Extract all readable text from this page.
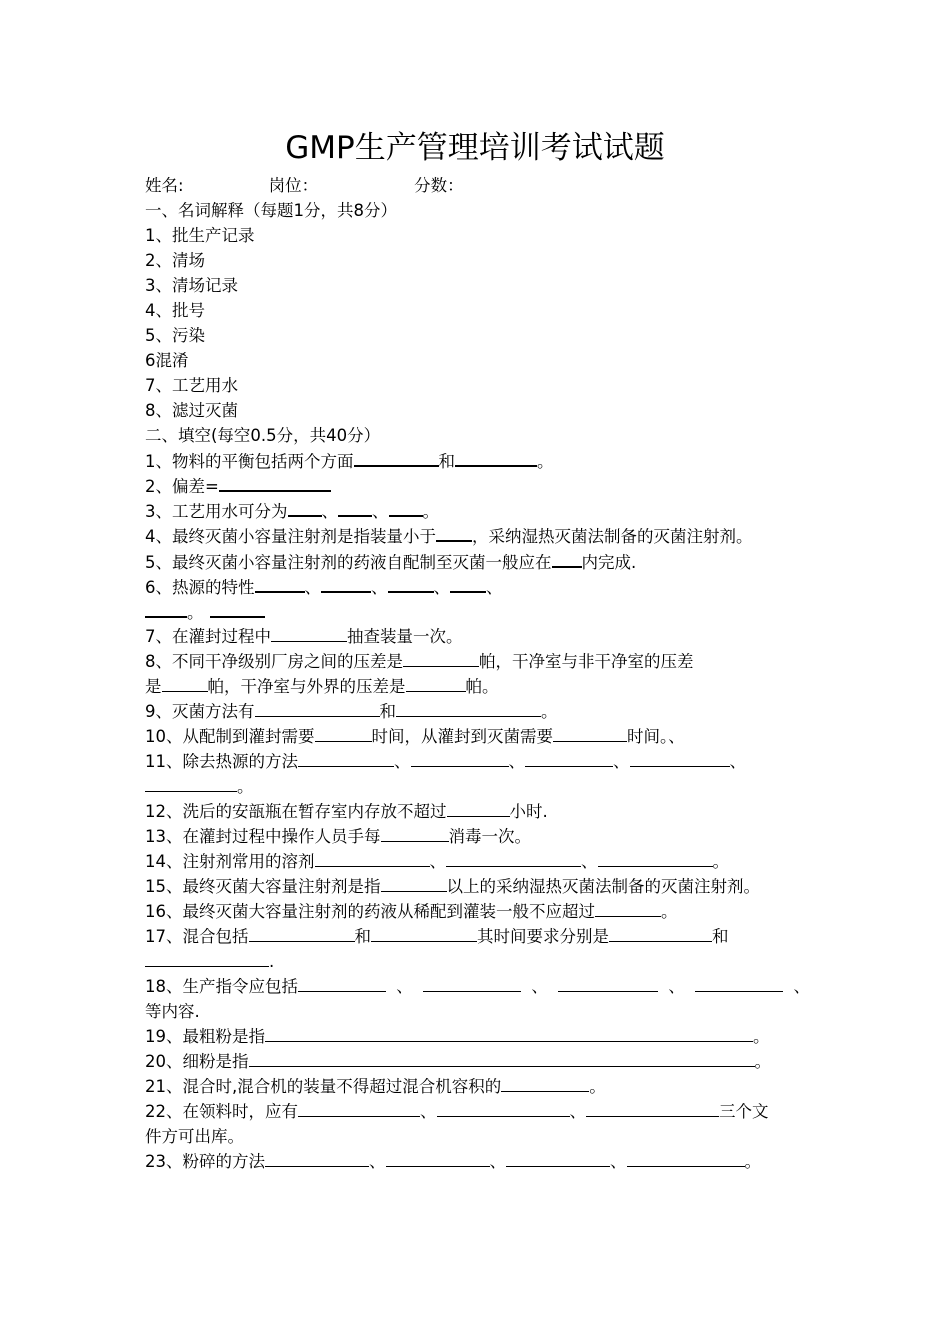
GMP生产管理培训考试试题
姓名:	岗位：	分数：
一、名词解释（每题1分，共8分）
1、批生产记录
2、清场
3、清场记录
4、批号
5、污染
6混淆
7、工艺用水
8、滤过灭菌
二、填空(每空0.5分，共40分）
1、物料的平衡包括两个方面	和	。
2、偏差=
3、工艺用水可分为 、 、 。
4、最终灭菌小容量注射剂是指装量小于 ，采纳湿热灭菌法制备的灭菌注射剂。
5、最终灭菌小容量注射剂的药液自配制至灭菌一般应在 内完成.
6、热源的特性	、	、	、 、
。
7、在灌封过程中	抽查装量一次。
8、不同干净级别厂房之间的压差是	帕，干净室与非干净室的压差
是	帕，干净室与外界的压差是	帕。
9、灭菌方法有	和	。
10、从配制到灌封需要	时间，从灌封到灭菌需要	时间。、
11、除去热源的方法	、	、	、	、
。
12、洗后的安瓿瓶在暂存室内存放不超过	小时.
13、在灌封过程中操作人员手每	消毒一次。
14、注射剂常用的溶剂	、	、	。
15、最终灭菌大容量注射剂是指	以上的采纳湿热灭菌法制备的灭菌注射剂。
16、最终灭菌大容量注射剂的药液从稀配到灌装一般不应超过	。
17、混合包括	和	其时间要求分别是	和
.
18、生产指令应包括	、	、	、	、
等内容.
19、最粗粉是指	。
20、细粉是指	。
21、混合时,混合机的装量不得超过混合机容积的	。
22、在领料时，应有	、	、	三个文
件方可出库。
23、粉碎的方法	、	、	、	。
